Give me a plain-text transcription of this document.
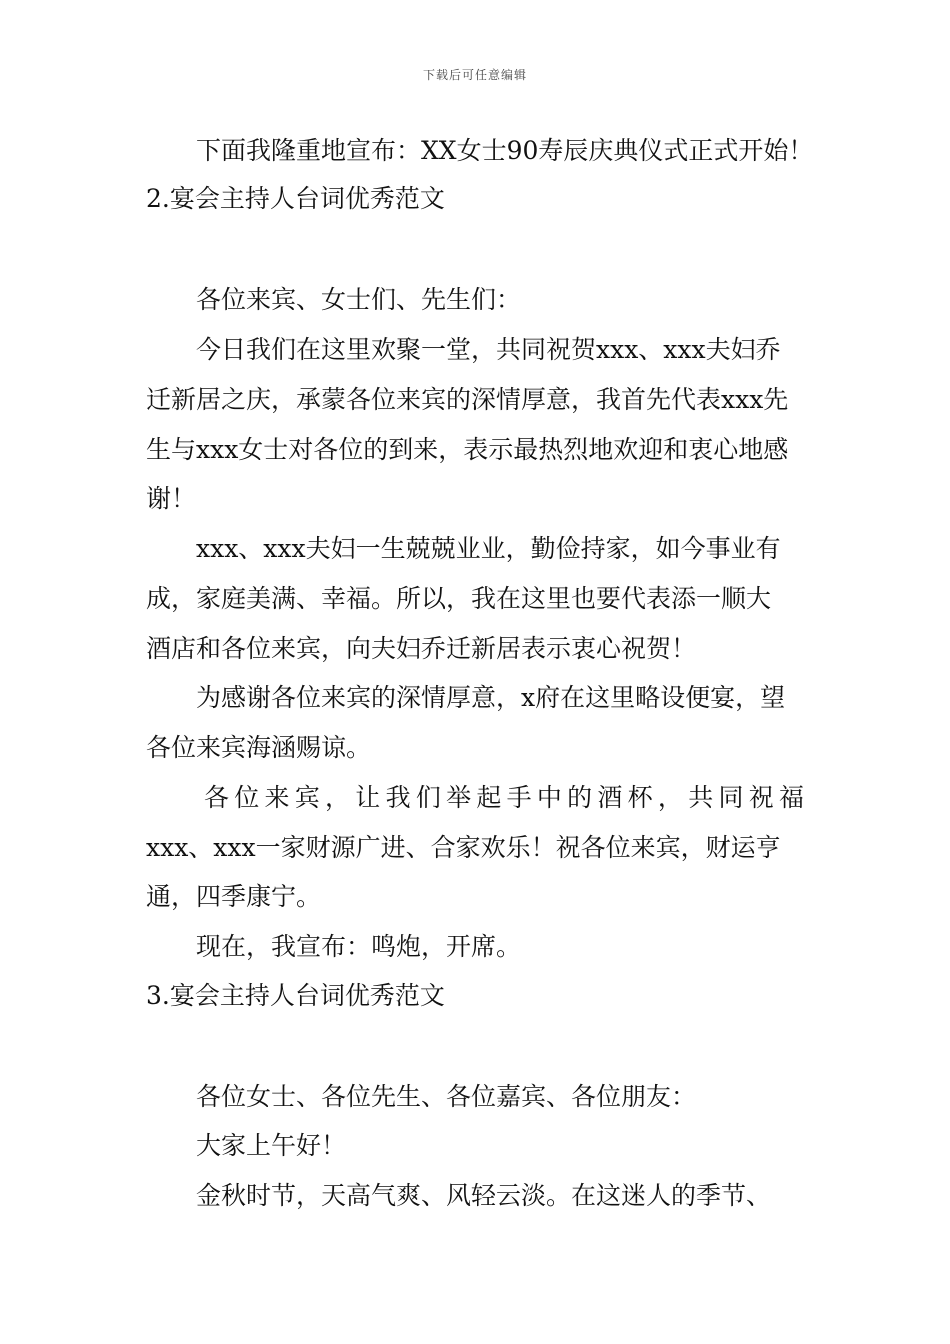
下载后可任意编辑
下面我隆重地宣布：XX女士90寿辰庆典仪式正式开始！
2.宴会主持人台词优秀范文
各位来宾、女士们、先生们：
今日我们在这里欢聚一堂，共同祝贺xxx、xxx夫妇乔
迁新居之庆，承蒙各位来宾的深情厚意，我首先代表xxx先
生与xxx女士对各位的到来，表示最热烈地欢迎和衷心地感
谢！
xxx、xxx夫妇一生兢兢业业，勤俭持家，如今事业有
成，家庭美满、幸福。所以，我在这里也要代表添一顺大
酒店和各位来宾，向夫妇乔迁新居表示衷心祝贺！
为感谢各位来宾的深情厚意，x府在这里略设便宴，望
各位来宾海涵赐谅。
各位来宾，让我们举起手中的酒杯，共同祝福
xxx、xxx一家财源广进、合家欢乐！祝各位来宾，财运亨
通，四季康宁。
现在，我宣布：鸣炮，开席。
3.宴会主持人台词优秀范文
各位女士、各位先生、各位嘉宾、各位朋友：
大家上午好！
金秋时节，天高气爽、风轻云淡。在这迷人的季节、
